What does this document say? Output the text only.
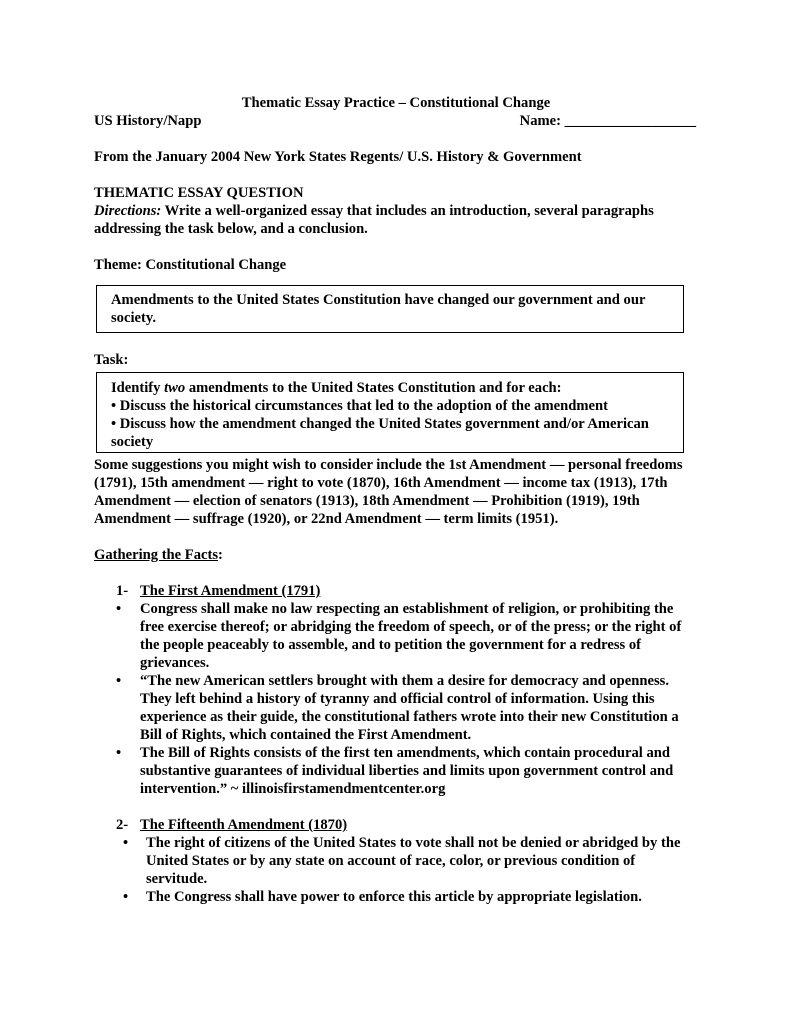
Thematic Essay Practice – Constitutional Change

US History/Napp	Name: __________________

From the January 2004 New York States Regents/ U.S. History & Government

THEMATIC ESSAY QUESTION

Directions: Write a well-organized essay that includes an introduction, several paragraphs addressing the task below, and a conclusion.

Theme: Constitutional Change

Amendments to the United States Constitution have changed our government and our society.

Task:

Identify two amendments to the United States Constitution and for each:

• Discuss the historical circumstances that led to the adoption of the amendment

• Discuss how the amendment changed the United States government and/or American society

Some suggestions you might wish to consider include the 1st Amendment — personal freedoms (1791), 15th amendment — right to vote (1870), 16th Amendment — income tax (1913), 17th Amendment — election of senators (1913), 18th Amendment — Prohibition (1919), 19th Amendment — suffrage (1920), or 22nd Amendment — term limits (1951).

Gathering the Facts:

1- The First Amendment (1791)
• Congress shall make no law respecting an establishment of religion, or prohibiting the free exercise thereof; or abridging the freedom of speech, or of the press; or the right of the people peaceably to assemble, and to petition the government for a redress of grievances.
• “The new American settlers brought with them a desire for democracy and openness. They left behind a history of tyranny and official control of information. Using this experience as their guide, the constitutional fathers wrote into their new Constitution a Bill of Rights, which contained the First Amendment.
• The Bill of Rights consists of the first ten amendments, which contain procedural and substantive guarantees of individual liberties and limits upon government control and intervention.” ~ illinoisfirstamendmentcenter.org
2- The Fifteenth Amendment (1870)
• The right of citizens of the United States to vote shall not be denied or abridged by the United States or by any state on account of race, color, or previous condition of servitude.
• The Congress shall have power to enforce this article by appropriate legislation.
